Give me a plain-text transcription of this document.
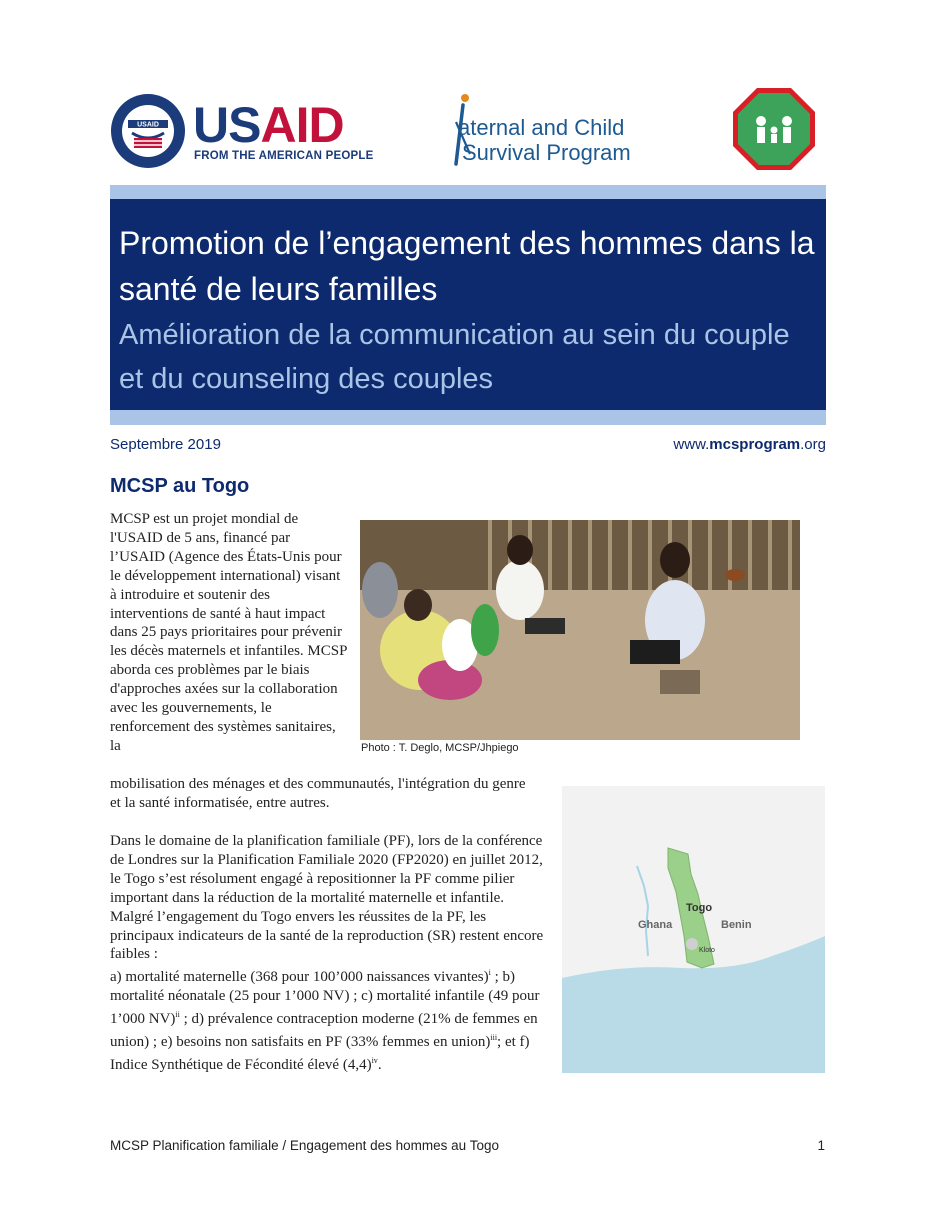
USAID USAID
FROM THE AMERICAN PEOPLE
aternal and Child
Survival Program
Promotion de l’engagement des hommes dans la santé de leurs familles
Amélioration de la communication au sein du couple et du counseling des couples
Septembre 2019	www.mcsprogram.org
MCSP au Togo
MCSP est un projet mondial de l'USAID de 5 ans, financé par l’USAID (Agence des États-Unis pour le développement international) visant à introduire et soutenir des interventions de santé à haut impact dans 25 pays prioritaires pour prévenir les décès maternels et infantiles. MCSP aborda ces problèmes par le biais d'approches axées sur la collaboration avec les gouvernements, le renforcement des systèmes sanitaires, la
mobilisation des ménages et des communautés, l'intégration du genre et la santé informatisée, entre autres.
Photo : T. Deglo, MCSP/Jhpiego
Dans le domaine de la planification familiale (PF), lors de la conférence de Londres sur la Planification Familiale 2020 (FP2020) en juillet 2012, le Togo s’est résolument engagé à repositionner la PF comme pilier important dans la réduction de la mortalité maternelle et infantile. Malgré l’engagement du Togo envers les réussites de la PF, les principaux indicateurs de la santé de la reproduction (SR) restent encore faibles :
a) mortalité maternelle (368 pour 100’000 naissances vivantes)$^i$ ; b) mortalité néonatale (25 pour 1’000 NV) ; c) mortalité infantile (49 pour 1’000 NV)$^{ii}$ ; d) prévalence contraception moderne (21% de femmes en union) ; e) besoins non satisfaits en PF (33% femmes en union)$^{iii}$; et f) Indice Synthétique de Fécondité élevé $(4,4)^{iv}$.
Togo
Ghana	Benin
Kloto
MCSP Planification familiale / Engagement des hommes au Togo	1
